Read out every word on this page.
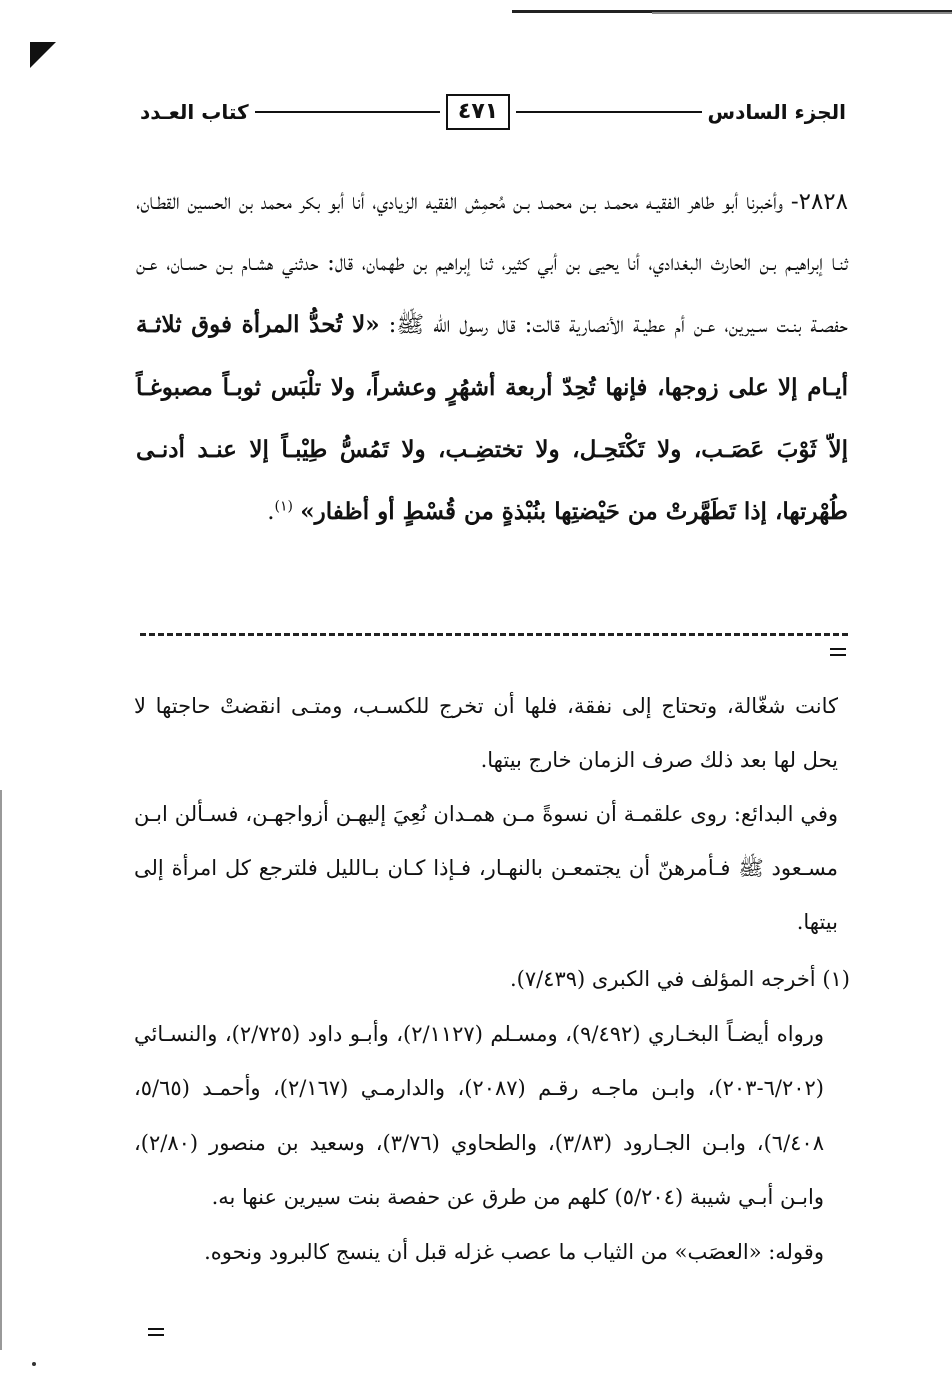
الجزء السادس
٤٧١
كتاب العـدد
٢٨٢٨- وأخبرنا أبو طاهر الفقيـه محمـد بـن محمـد بـن مُحمِش الفقيه الزيادي، أنا أبو بكر محمد بن الحسين القطـان، ثنـا إبراهيـم بـن الحارث البغدادي، أنا يحيى بن أبي كثير، ثنا إبراهيم بن طهمان، قال: حدثني هشـام بـن حسـان، عـن حفصـة بنـت سـيرين، عـن أم عطيـة الأنصارية قالت: قال رسول الله ﷺ: «لا تُحدُّ المرأة فوق ثلاثـة أيـام إلا على زوجها، فإنها تُحِدّ أربعة أشهُرٍ وعشراً، ولا تلْبَس ثوبـاً مصبوغـاً إلاّ ثَوْبَ عَصَـب، ولا تَكْتَحِـل، ولا تختضِـب، ولا تَمُسُّ طِيْبـاً إلا عنـد أدنـى طُهْرتها، إذا تَطَهَّرتْ من حَيْضتِها بنُبْذةٍ من قُسْطٍ أو أظفار» $^{(١)}$.

كانت شغّالة، وتحتاج إلى نفقة، فلها أن تخرج للكسـب، ومتـى انقضتْ حاجتها لا يحل لها بعد ذلك صرف الزمان خارج بيتها.

وفي البدائع: روى علقمـة أن نسوةً مـن همـدان نُعِيَ إليهـن أزواجهـن، فسـألن ابـن مسـعود ﷺ فـأمرهنّ أن يجتمعـن بالنهـار، فـإذا كـان بـالليل فلترجع كل امرأة إلى بيتها.

(١) أخرجه المؤلف في الكبرى (٧/٤٣٩).

ورواه أيضـاً البخـاري (٩/٤٩٢)، ومسـلم (٢/١١٢٧)، وأبـو داود (٢/٧٢٥)، والنسـائي (٦/٢٠٢-٢٠٣)، وابـن ماجـه رقـم (٢٠٨٧)، والدارمـي (٢/١٦٧)، وأحمـد (٥/٦٥، ٦/٤٠٨)، وابـن الجـارود (٣/٨٣)، والطحاوي (٣/٧٦)، وسعيد بن منصور (٢/٨٠)، وابـن أبـي شيبة (٥/٢٠٤) كلهم من طرق عن حفصة بنت سيرين عنها به.

وقوله: «العصَب» من الثياب ما عصب غزله قبل أن ينسج كالبرود ونحوه.
